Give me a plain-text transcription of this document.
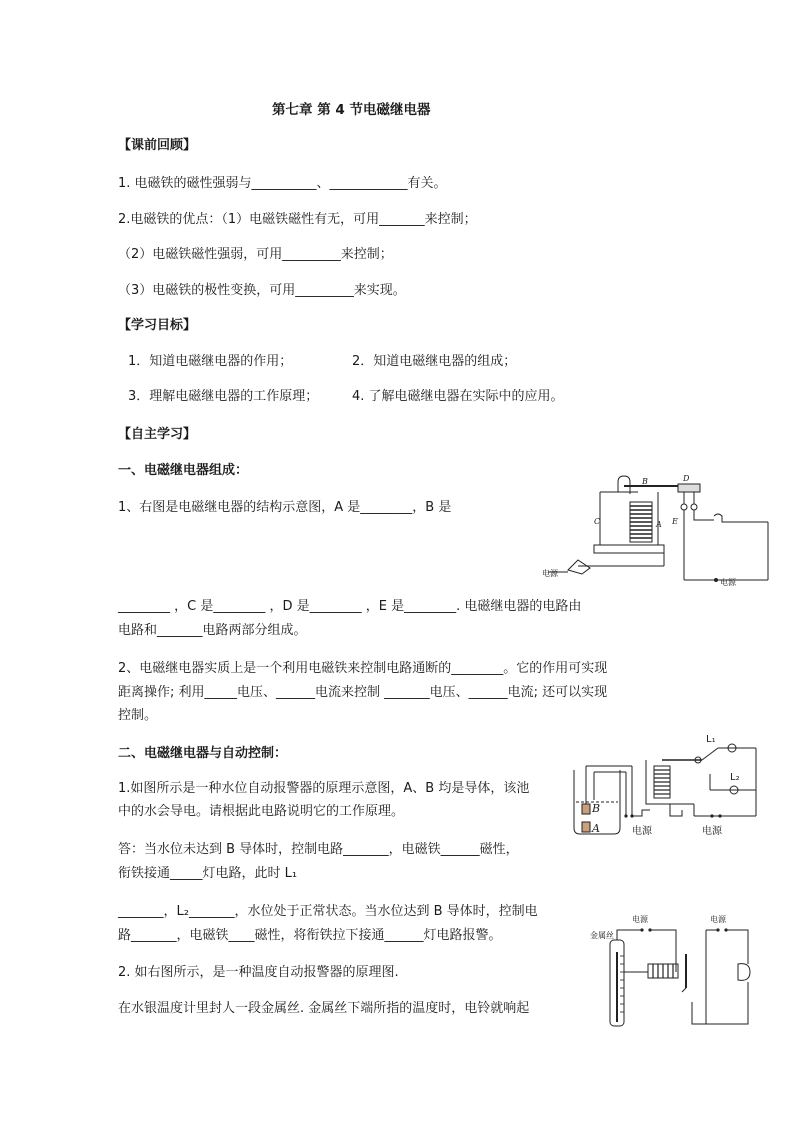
第七章 第 4 节电磁继电器
【课前回顾】
1. 电磁铁的磁性强弱与__________、____________有关。
2.电磁铁的优点：（1）电磁铁磁性有无，可用_______来控制；
（2）电磁铁磁性强弱，可用_________来控制；
（3）电磁铁的极性变换，可用_________来实现。
【学习目标】
1．知道电磁继电器的作用；	2．知道电磁继电器的组成；
3．理解电磁继电器的工作原理；	4. 了解电磁继电器在实际中的应用。
【自主学习】
一、电磁继电器组成：
1、右图是电磁继电器的结构示意图，A 是________，B 是
________ ，C 是________ ，D 是________ ，E 是________. 电磁继电器的电路由
电路和_______电路两部分组成。
2、电磁继电器实质上是一个利用电磁铁来控制电路通断的________。它的作用可实现
距离操作; 利用_____电压、______电流来控制 _______电压、______电流; 还可以实现
控制。
二、电磁继电器与自动控制：
1.如图所示是一种水位自动报警器的原理示意图，A、B 均是导体，该池
中的水会导电。请根据此电路说明它的工作原理。
答：当水位未达到 B 导体时，控制电路_______，电磁铁______磁性，
衔铁接通_____灯电路，此时 L₁
_______，L₂_______，水位处于正常状态。当水位达到 B 导体时，控制电
路_______，电磁铁____磁性，将衔铁拉下接通______灯电路报警。
2. 如右图所示，是一种温度自动报警器的原理图.
在水银温度计里封人一段金属丝. 金属丝下端所指的温度时，电铃就响起
B	D
C	A E
电源
电源
B
A
L₁
L₂
电源	电源
金属丝
电源	电源
